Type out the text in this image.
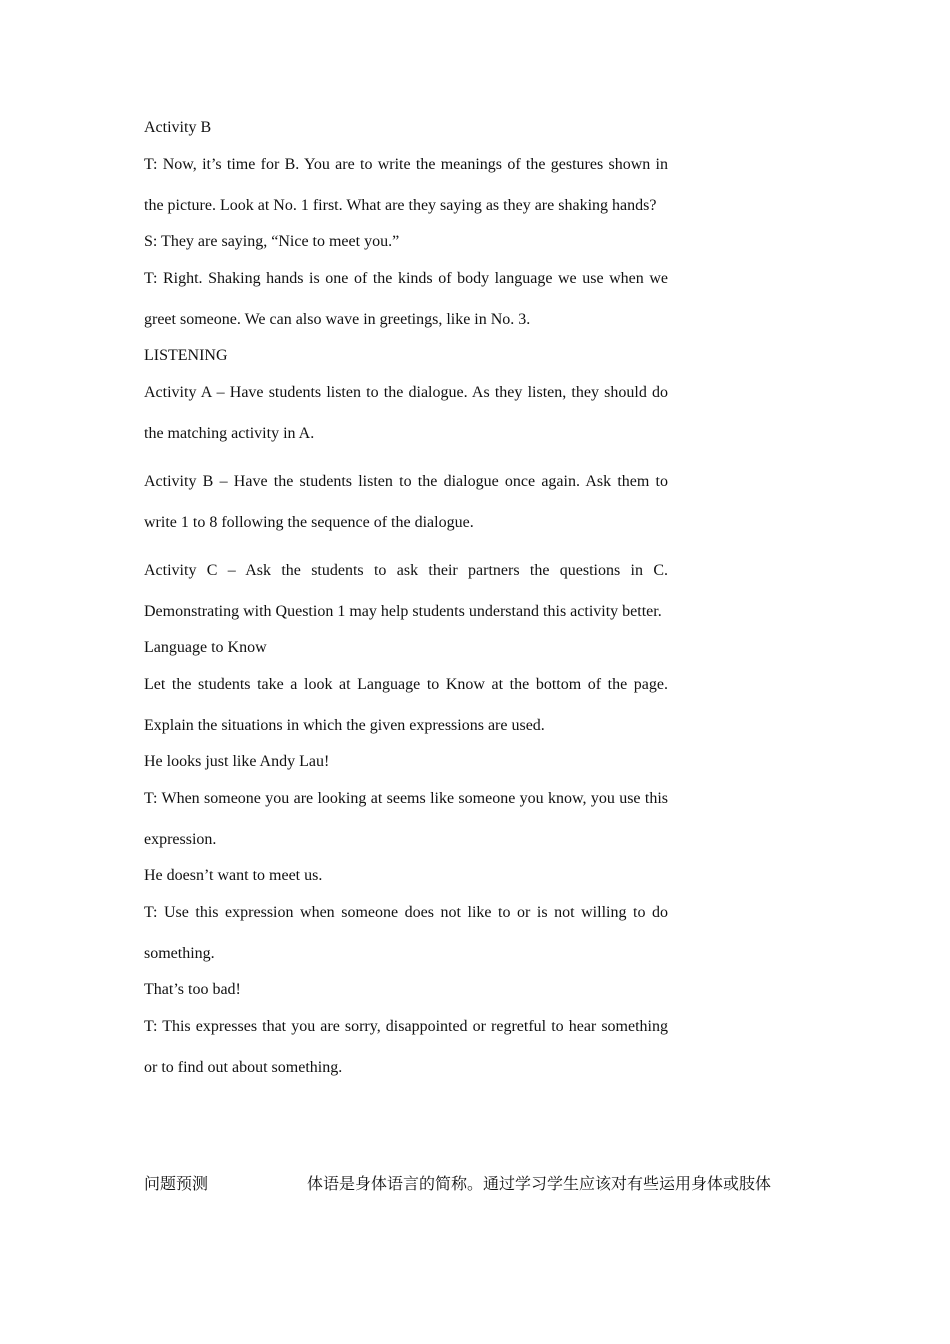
Activity B

T: Now, it’s time for B. You are to write the meanings of the gestures shown in the picture. Look at No. 1 first. What are they saying as they are shaking hands?

S: They are saying, “Nice to meet you.”

T: Right. Shaking hands is one of the kinds of body language we use when we greet someone. We can also wave in greetings, like in No. 3.

LISTENING

Activity A – Have students listen to the dialogue. As they listen, they should do the matching activity in A.

Activity B – Have the students listen to the dialogue once again. Ask them to write 1 to 8 following the sequence of the dialogue.

Activity C – Ask the students to ask their partners the questions in C. Demonstrating with Question 1 may help students understand this activity better.

Language to Know

Let the students take a look at Language to Know at the bottom of the page. Explain the situations in which the given expressions are used.

He looks just like Andy Lau!

T: When someone you are looking at seems like someone you know, you use this expression.

He doesn’t want to meet us.

T: Use this expression when someone does not like to or is not willing to do something.

That’s too bad!

T: This expresses that you are sorry, disappointed or regretful to hear something or to find out about something.

问题预测	体语是身体语言的简称。通过学习学生应该对有些运用身体或肢体
